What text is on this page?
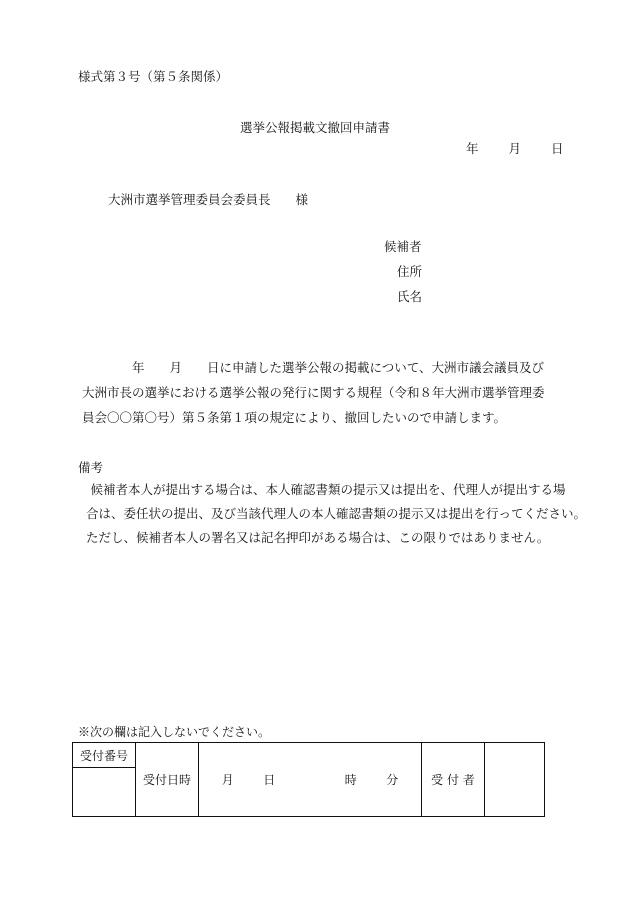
様式第３号（第５条関係）
選挙公報掲載文撤回申請書
年 月 日
大洲市選挙管理委員会委員長　　様
候補者
住所
氏名

　　　　年　　月　　日に申請した選挙公報の掲載について、大洲市議会議員及び

大洲市長の選挙における選挙公報の発行に関する規程（令和８年大洲市選挙管理委

員会〇〇第〇号）第５条第１項の規定により、撤回したいので申請します。

備考

　候補者本人が提出する場合は、本人確認書類の提示又は提出を、代理人が提出する場

合は、委任状の提出、及び当該代理人の本人確認書類の提示又は提出を行ってください。

ただし、候補者本人の署名又は記名押印がある場合は、この限りではありません。

※次の欄は記入しないでください。
受付番号	受付日時	月 日	時 分	受 付 者	
